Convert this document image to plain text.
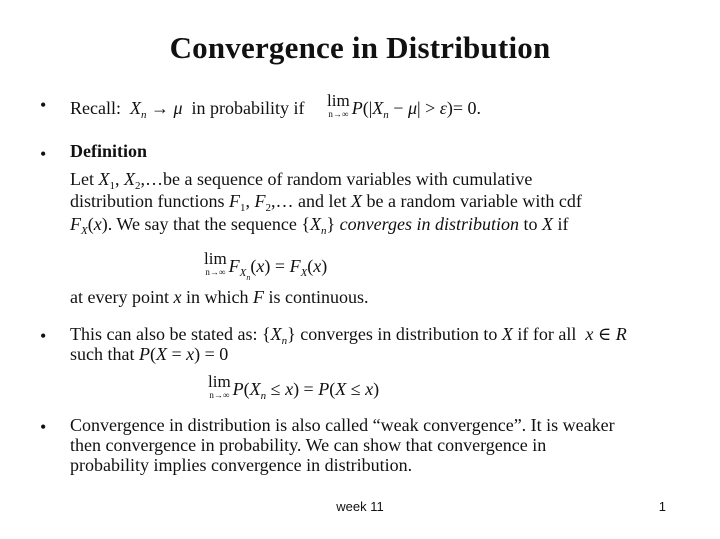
Convergence in Distribution
• Recall: $X_n \to \mu$ in probability if lim
n→∞ $P(|X_n - \mu| > \varepsilon)= 0$.
• Definition
Let $X_1$, $X_2,\dots be$ a sequence of random variables with cumulative
distribution functions $F_1$, $F_2,\dots$ and let X be a random variable with cdf
$F_X(x)$. We say that the sequence $\{X_n\}$ converges in distribution to X if
lim
n→∞ $F_{X_n}(x) = F_X(x)$
at every point x in which F is continuous.
• This can also be stated as: $\{X_n\}$ converges in distribution to X if for all x ∈ R
such that P(X = x) = 0
lim
n→∞ $P(X_n \le x) = P(X \le x)$
• Convergence in distribution is also called “weak convergence”. It is weaker
then convergence in probability. We can show that convergence in
probability implies convergence in distribution.
week 11	1
